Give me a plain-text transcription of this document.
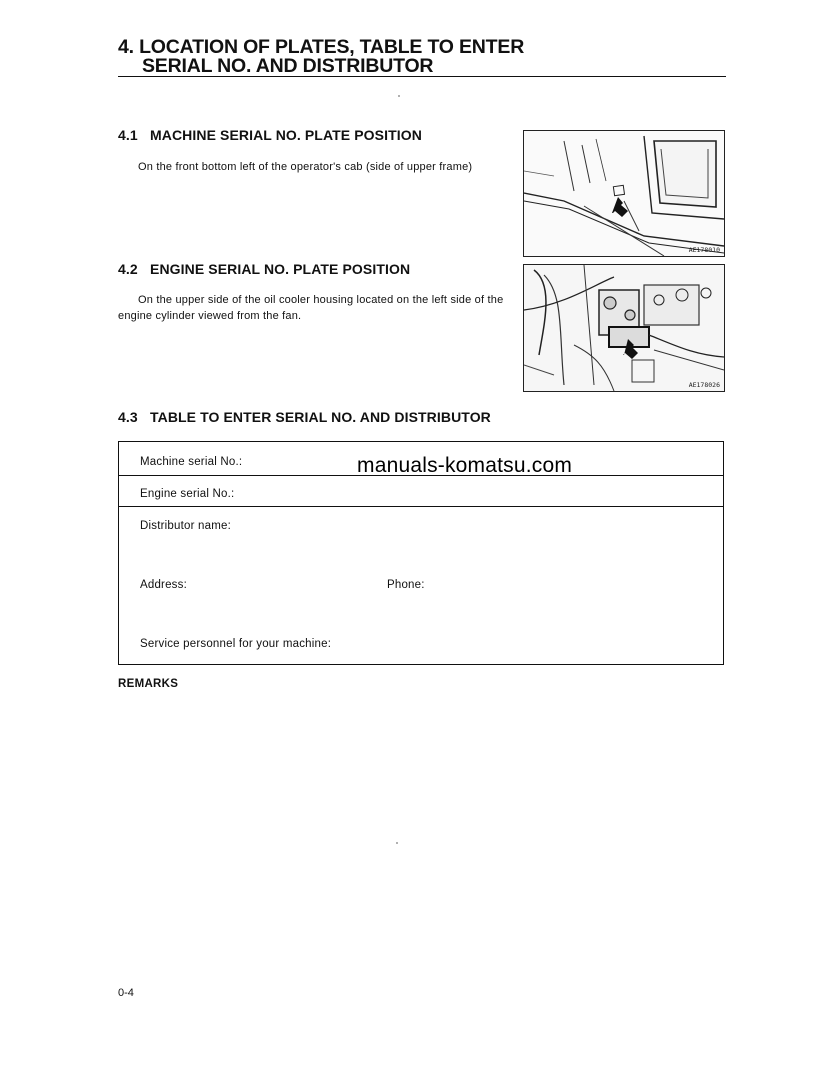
4. LOCATION OF PLATES, TABLE TO ENTER
SERIAL NO. AND DISTRIBUTOR
4.1 MACHINE SERIAL NO. PLATE POSITION
On the front bottom left of the operator's cab (side of upper frame)
AE178010
4.2 ENGINE SERIAL NO. PLATE POSITION
On the upper side of the oil cooler housing located on the left side of the engine cylinder viewed from the fan.
AE178026
4.3 TABLE TO ENTER SERIAL NO. AND DISTRIBUTOR
Machine serial No.:
Engine serial No.:
Distributor name:
Address:	Phone:
Service personnel for your machine:
manuals-komatsu.com
REMARKS
0-4
